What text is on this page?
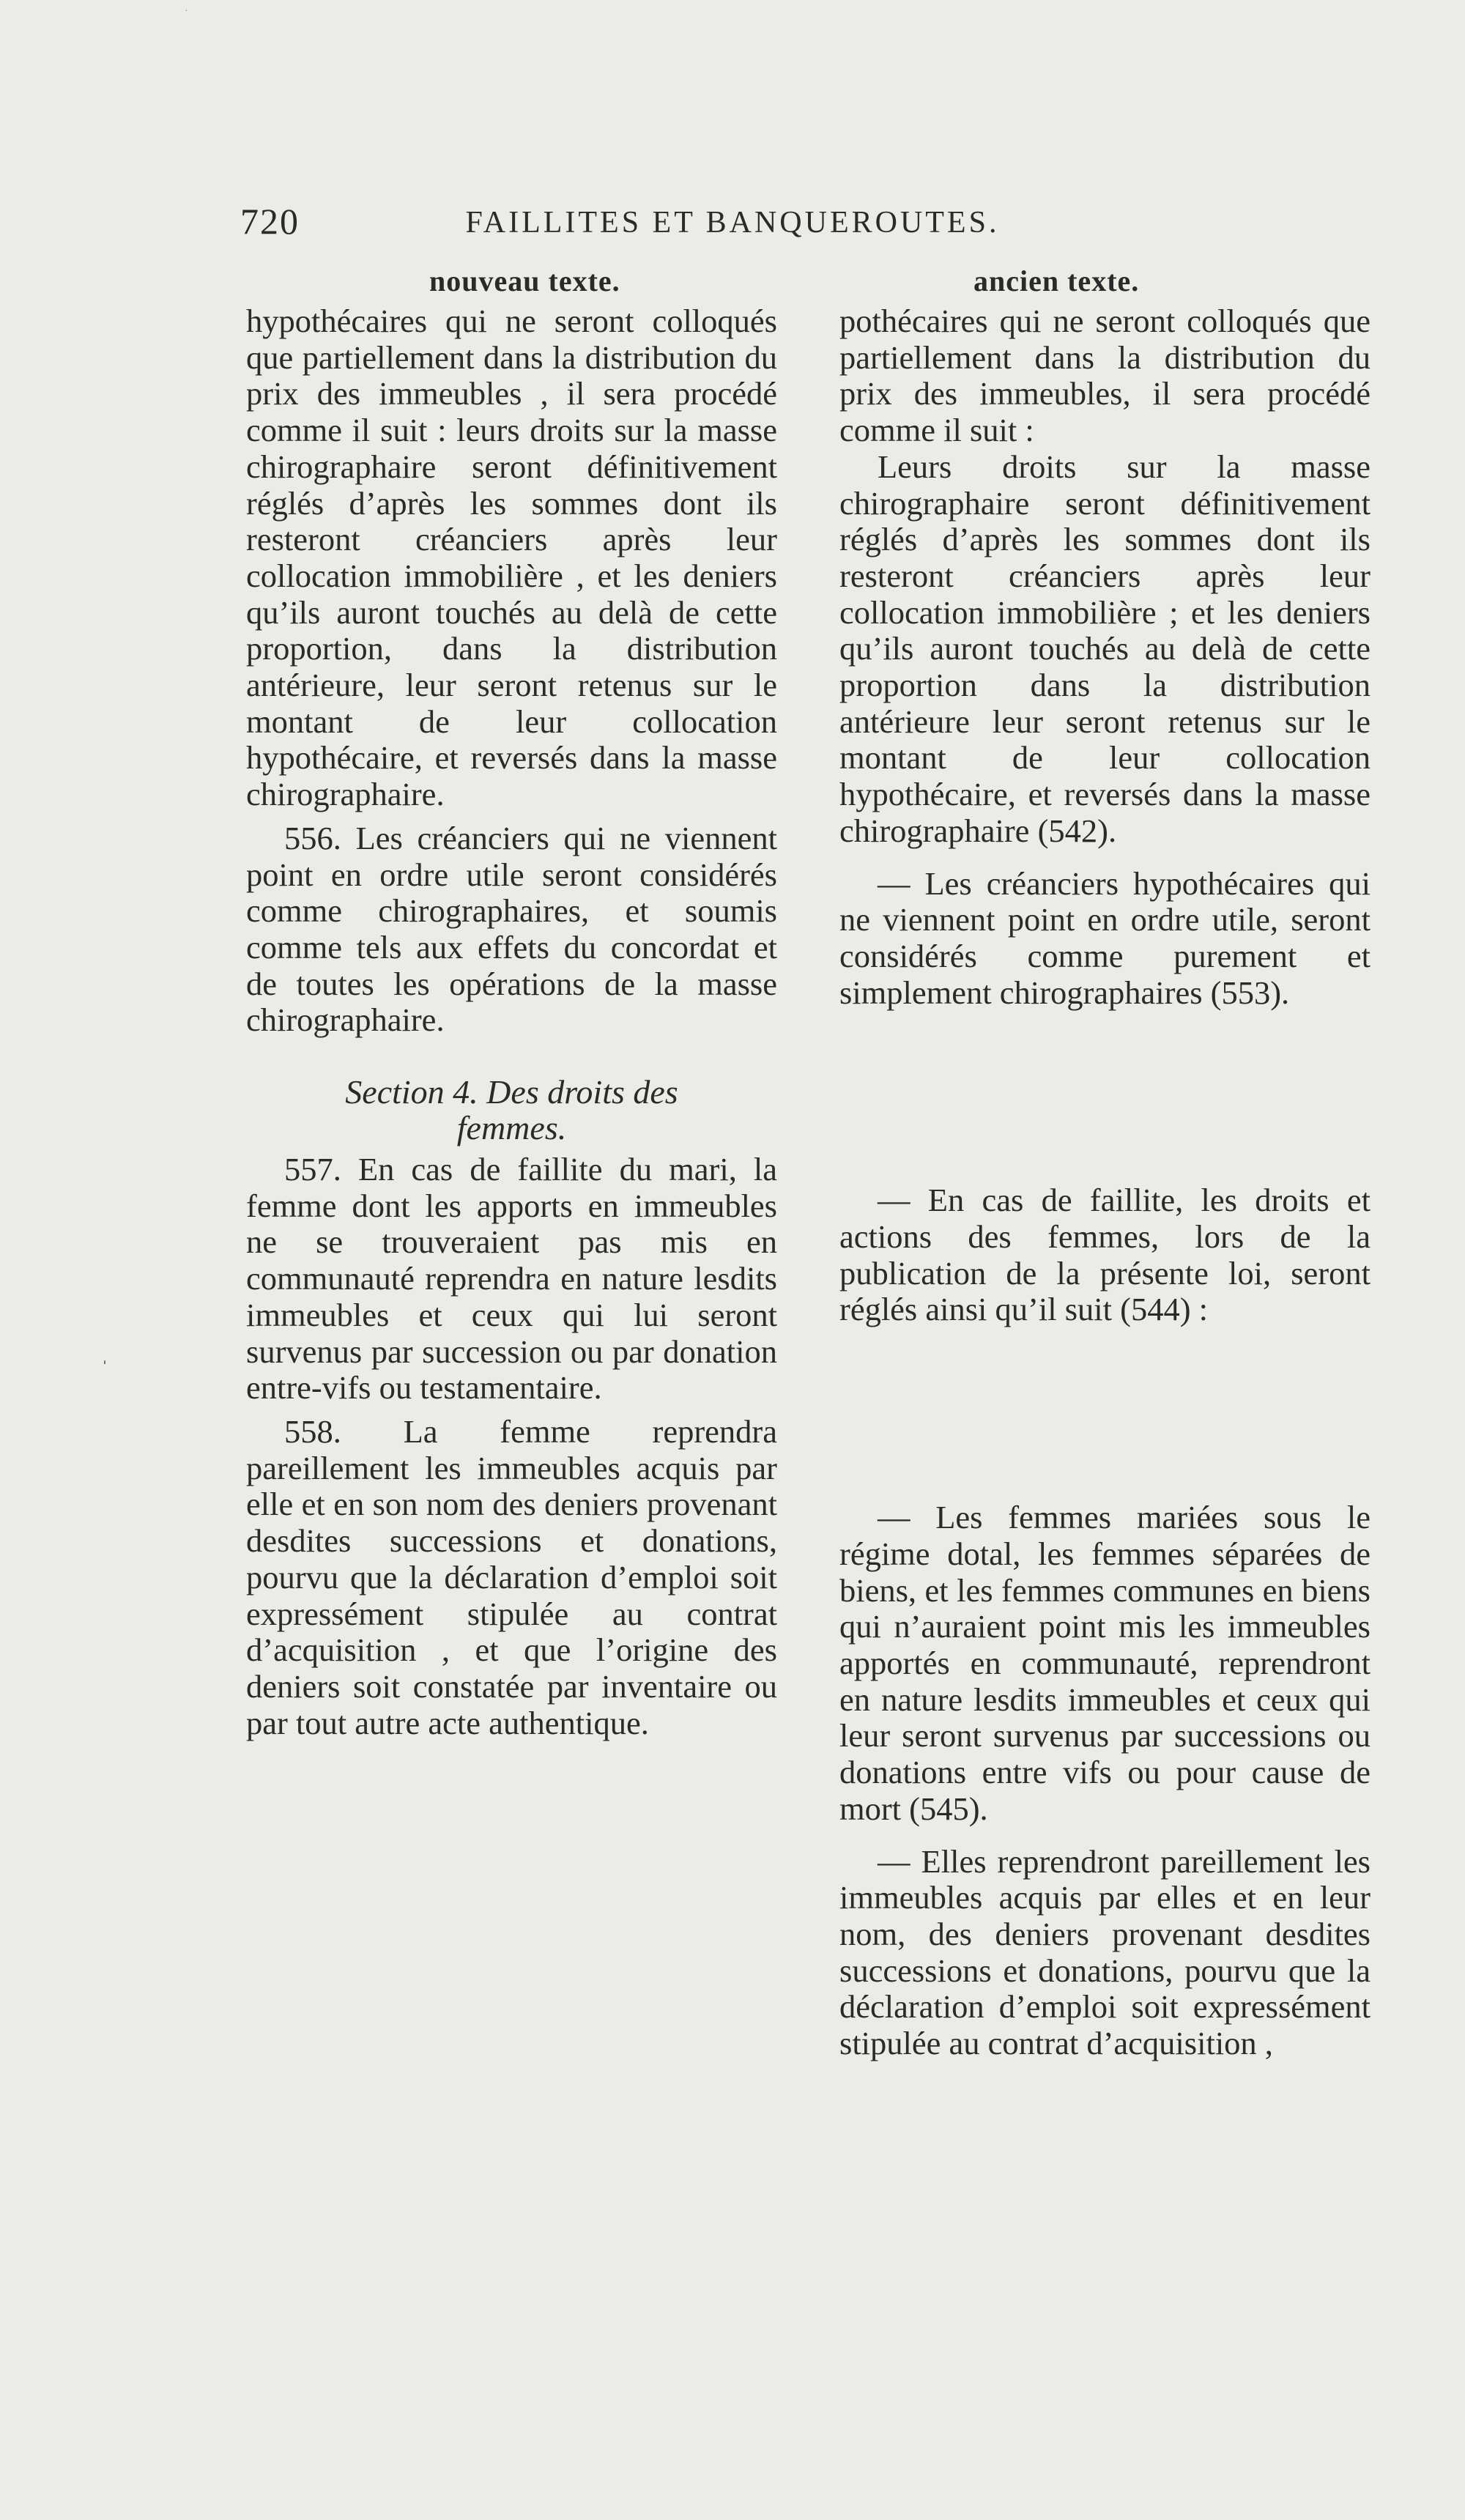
·
720	FAILLITES ET BANQUEROUTES.
ˈ
nouveau texte.

hypothécaires qui ne seront colloqués que partiellement dans la distribution du prix des immeubles , il sera procédé comme il suit : leurs droits sur la masse chirographaire seront définitivement réglés d’après les sommes dont ils resteront créanciers après leur collocation immobilière , et les deniers qu’ils auront touchés au delà de cette proportion, dans la distribution antérieure, leur seront retenus sur le montant de leur collocation hypothécaire, et reversés dans la masse chirographaire.

556. Les créanciers qui ne viennent point en ordre utile seront considérés comme chirographaires, et soumis comme tels aux effets du concordat et de toutes les opérations de la masse chirographaire.

Section 4. Des droits des
femmes.

557. En cas de faillite du mari, la femme dont les apports en immeubles ne se trouveraient pas mis en communauté reprendra en nature lesdits immeubles et ceux qui lui seront survenus par succession ou par donation entre-vifs ou testamentaire.

558. La femme reprendra pareillement les immeubles acquis par elle et en son nom des deniers provenant desdites successions et donations, pourvu que la déclaration d’emploi soit expressément stipulée au contrat d’acquisition , et que l’origine des deniers soit constatée par inventaire ou par tout autre acte authentique.

ancien texte.

pothécaires qui ne seront colloqués que partiellement dans la distribution du prix des immeubles, il sera procédé comme il suit :

Leurs droits sur la masse chirographaire seront définitivement réglés d’après les sommes dont ils resteront créanciers après leur collocation immobilière ; et les deniers qu’ils auront touchés au delà de cette proportion dans la distribution antérieure leur seront retenus sur le montant de leur collocation hypothécaire, et reversés dans la masse chirographaire (542).

— Les créanciers hypothécaires qui ne viennent point en ordre utile, seront considérés comme purement et simplement chirographaires (553).

— En cas de faillite, les droits et actions des femmes, lors de la publication de la présente loi, seront réglés ainsi qu’il suit (544) :

— Les femmes mariées sous le régime dotal, les femmes séparées de biens, et les femmes communes en biens qui n’auraient point mis les immeubles apportés en communauté, reprendront en nature lesdits immeubles et ceux qui leur seront survenus par successions ou donations entre vifs ou pour cause de mort (545).

— Elles reprendront pareillement les immeubles acquis par elles et en leur nom, des deniers provenant desdites successions et donations, pourvu que la déclaration d’emploi soit expressément stipulée au contrat d’acquisition ,
